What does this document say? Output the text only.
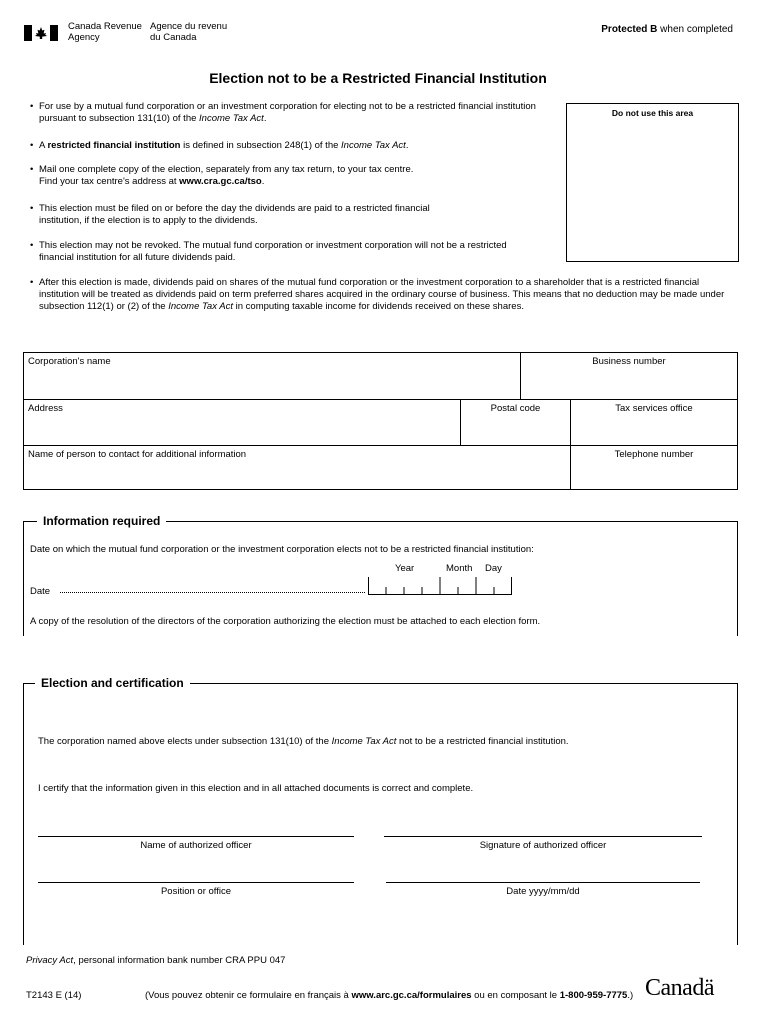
Canada Revenue
Agency
Agence du revenu
du Canada
Protected B when completed
Election not to be a Restricted Financial Institution
Do not use this area
• For use by a mutual fund corporation or an investment corporation for electing not to be a restricted financial institution pursuant to subsection 131(10) of the Income Tax Act.
• A restricted financial institution is defined in subsection 248(1) of the Income Tax Act.
• Mail one complete copy of the election, separately from any tax return, to your tax centre.
Find your tax centre's address at www.cra.gc.ca/tso.
• This election must be filed on or before the day the dividends are paid to a restricted financial institution, if the election is to apply to the dividends.
• This election may not be revoked. The mutual fund corporation or investment corporation will not be a restricted financial institution for all future dividends paid.
• After this election is made, dividends paid on shares of the mutual fund corporation or the investment corporation to a shareholder that is a restricted financial institution will be treated as dividends paid on term preferred shares acquired in the ordinary course of business. This means that no deduction may be made under subsection 112(1) or (2) of the Income Tax Act in computing taxable income for dividends received on these shares.
Corporation's name	Business number
Address	Postal code	Tax services office
Name of person to contact for additional information	Telephone number
Information required
Date on which the mutual fund corporation or the investment corporation elects not to be a restricted financial institution:
Year	Month Day
Date
A copy of the resolution of the directors of the corporation authorizing the election must be attached to each election form.
Election and certification
The corporation named above elects under subsection 131(10) of the Income Tax Act not to be a restricted financial institution.
I certify that the information given in this election and in all attached documents is correct and complete.
Name of authorized officer	Signature of authorized officer
Position or office	Date yyyy/mm/dd
Privacy Act, personal information bank number CRA PPU 047
T2143 E (14)	(Vous pouvez obtenir ce formulaire en français à www.arc.gc.ca/formulaires ou en composant le 1-800-959-7775.) Canadä
